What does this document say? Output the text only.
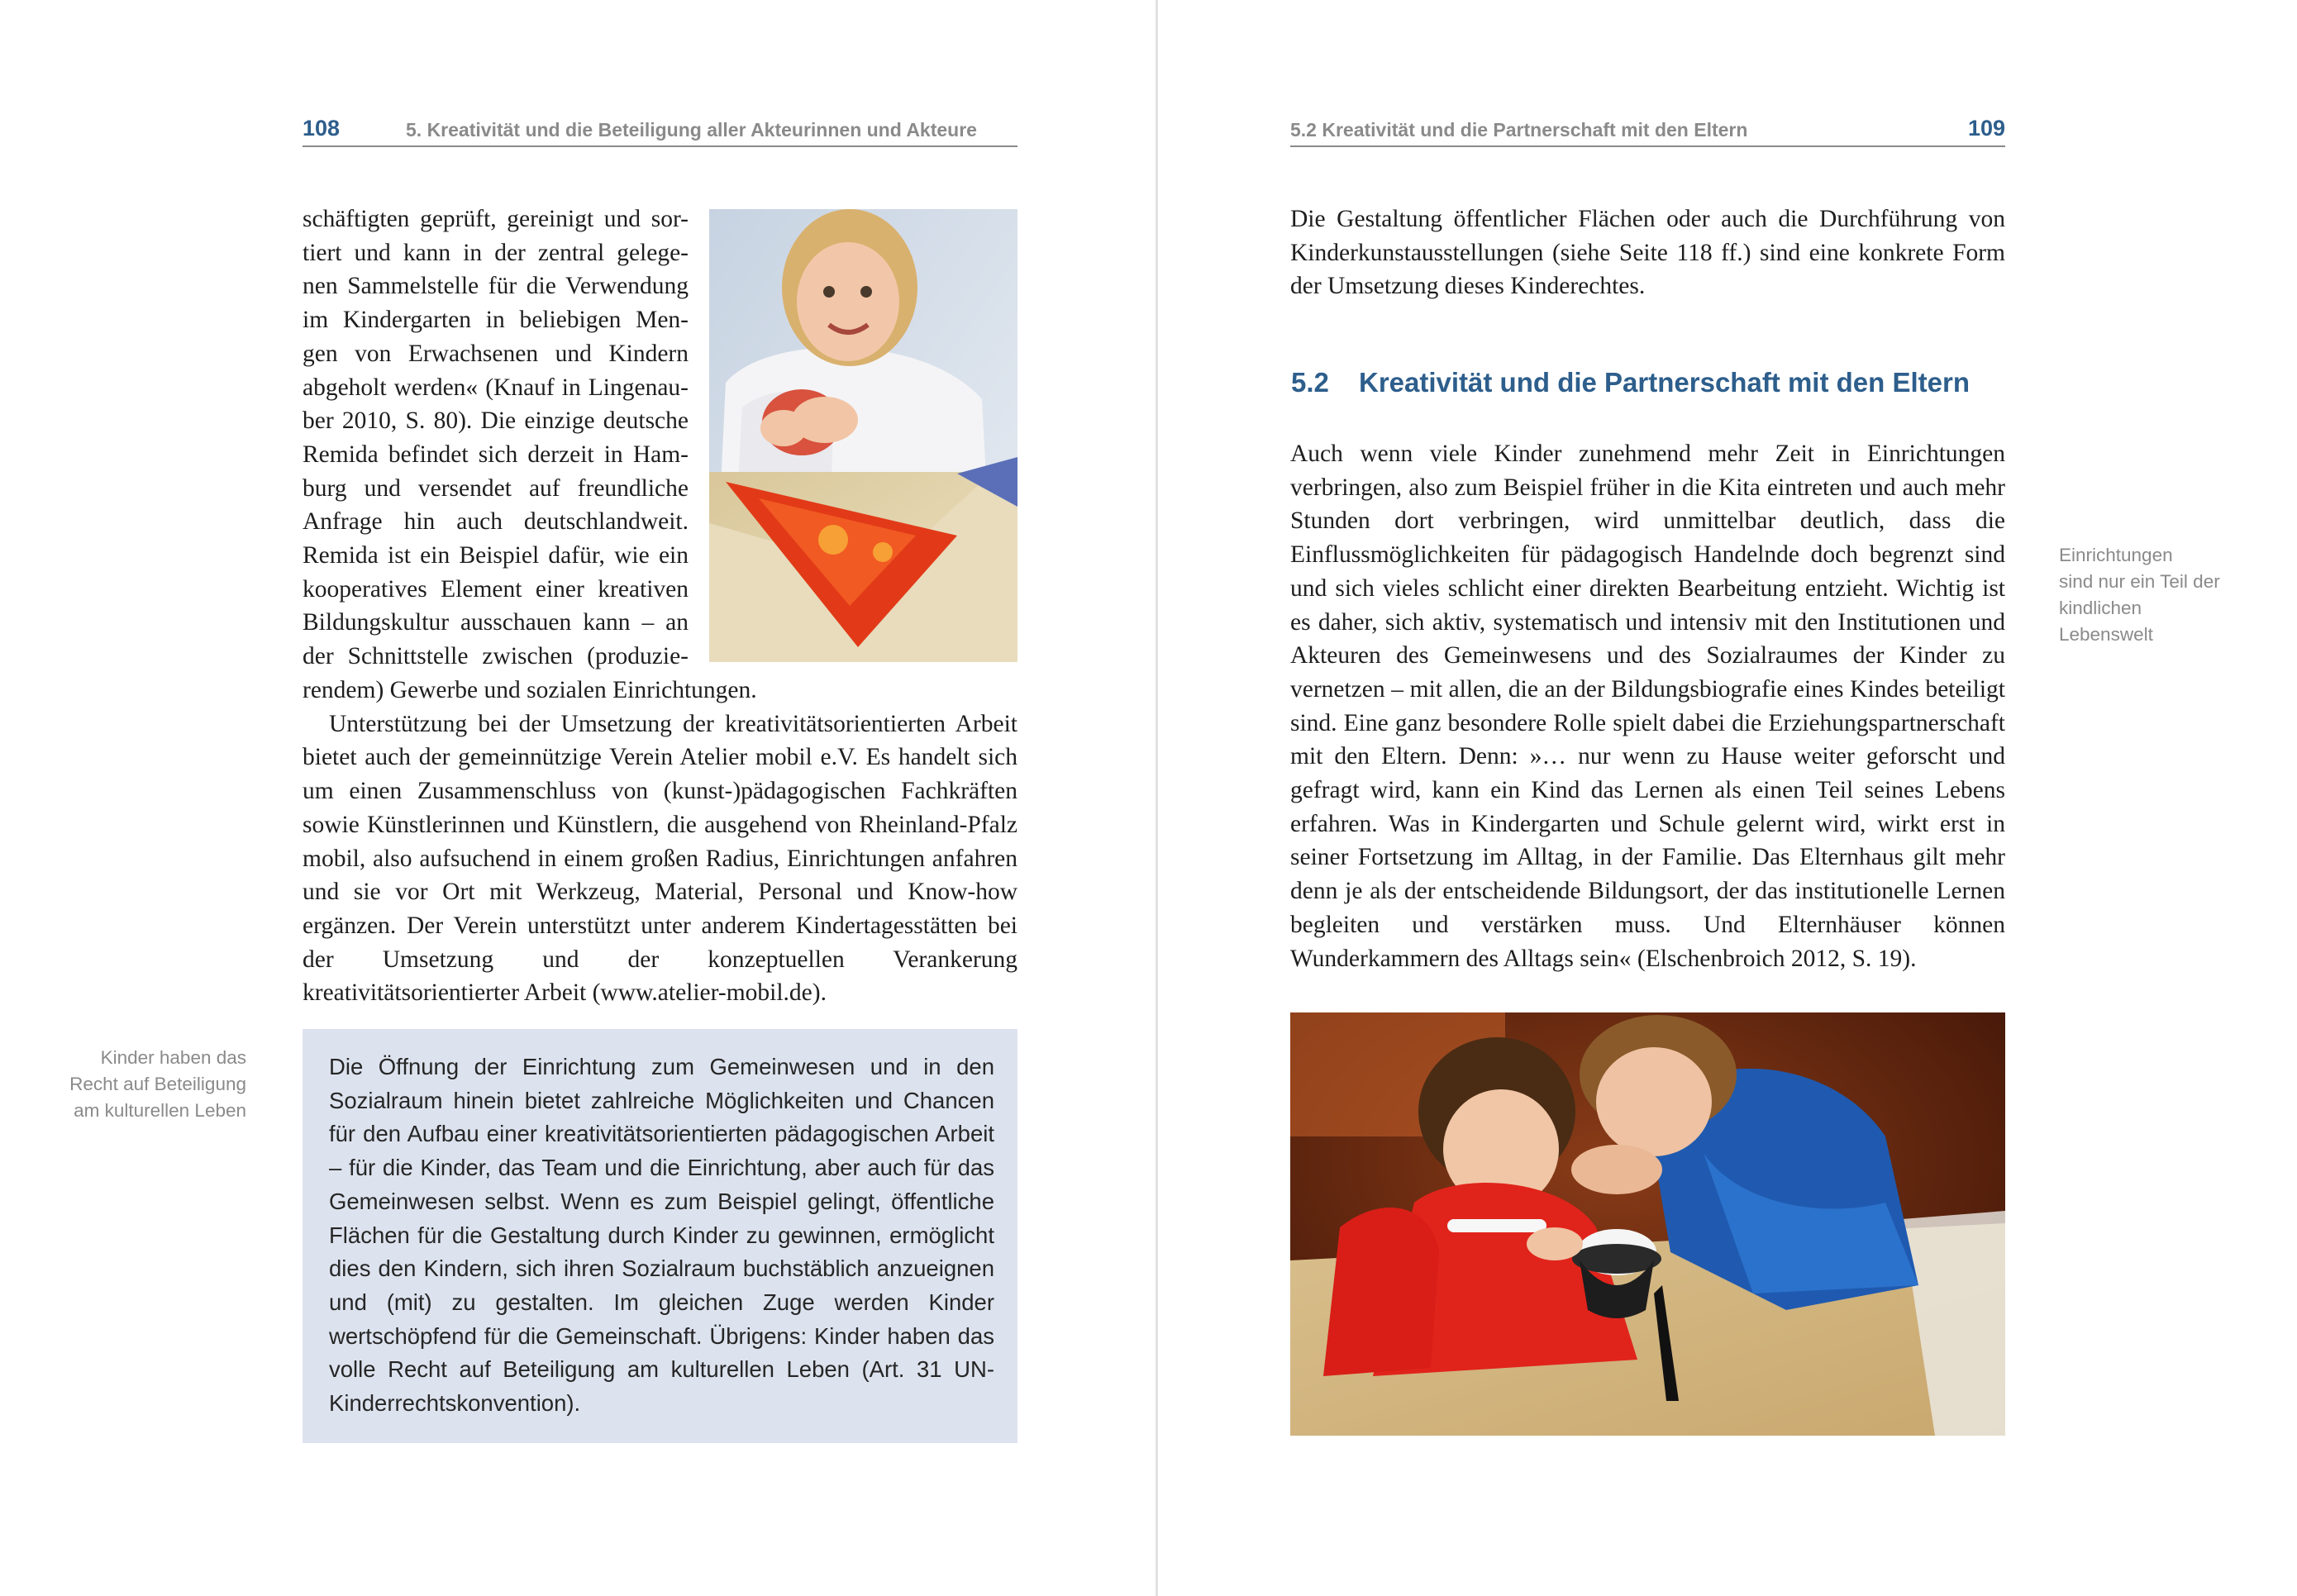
108	5. Kreativität und die Beteiligung aller Akteurinnen und Akteure
schäftigten geprüft, gereinigt und sor-
tiert und kann in der zentral gelege-
nen Sammelstelle für die Verwendung
im Kindergarten in beliebigen Men-
gen von Erwachsenen und Kindern
abgeholt werden« (Knauf in Lingenau-
ber 2010, S. 80). Die einzige deutsche
Remida befindet sich derzeit in Ham-
burg und versendet auf freundliche
Anfrage hin auch deutschlandweit.
Remida ist ein Beispiel dafür, wie ein
kooperatives Element einer kreativen
Bildungskultur ausschauen kann – an
der Schnittstelle zwischen (produzie-

rendem) Gewerbe und sozialen Einrichtungen.

Unterstützung bei der Umsetzung der kreativitätsorientierten Arbeit bietet auch der gemeinnützige Verein Atelier mobil e.V. Es handelt sich um einen Zusammenschluss von (kunst-)pädagogischen Fachkräften sowie Künstlerinnen und Künstlern, die ausgehend von Rheinland-Pfalz mobil, also aufsuchend in einem großen Radius, Einrichtungen anfahren und sie vor Ort mit Werkzeug, Material, Personal und Know-how ergänzen. Der Verein unterstützt unter anderem Kindertagesstätten bei der Umsetzung und der konzeptuellen Verankerung kreativitätsorientierter Arbeit (www.atelier-mobil.de).

Kinder haben das
Recht auf Beteiligung
am kulturellen Leben

Die Öffnung der Einrichtung zum Gemeinwesen und in den Sozialraum hinein bietet zahlreiche Möglichkeiten und Chancen für den Aufbau einer kreativitätsorientierten pädagogischen Arbeit – für die Kinder, das Team und die Einrichtung, aber auch für das Gemeinwesen selbst. Wenn es zum Beispiel gelingt, öffentliche Flächen für die Gestaltung durch Kinder zu gewinnen, ermöglicht dies den Kindern, sich ihren Sozialraum buchstäblich anzueignen und (mit) zu gestalten. Im gleichen Zuge werden Kinder wertschöpfend für die Gemeinschaft. Übrigens: Kinder haben das volle Recht auf Beteiligung am kulturellen Leben (Art. 31 UN-Kinderrechtskonvention).

5.2 Kreativität und die Partnerschaft mit den Eltern	109

Die Gestaltung öffentlicher Flächen oder auch die Durchführung von Kinderkunstausstellungen (siehe Seite 118 ff.) sind eine konkrete Form der Umsetzung dieses Kinderechtes.

5.2 Kreativität und die Partnerschaft mit den Eltern

Auch wenn viele Kinder zunehmend mehr Zeit in Einrichtungen verbringen, also zum Beispiel früher in die Kita eintreten und auch mehr Stunden dort verbringen, wird unmittelbar deutlich, dass die Einflussmöglichkeiten für pädagogisch Handelnde doch begrenzt sind und sich vieles schlicht einer direkten Bearbeitung entzieht. Wichtig ist es daher, sich aktiv, systematisch und intensiv mit den Institutionen und Akteuren des Gemeinwesens und des Sozialraumes der Kinder zu vernetzen – mit allen, die an der Bildungsbiografie eines Kindes beteiligt sind. Eine ganz besondere Rolle spielt dabei die Erziehungspartnerschaft mit den Eltern. Denn: »… nur wenn zu Hause weiter geforscht und gefragt wird, kann ein Kind das Lernen als einen Teil seines Lebens erfahren. Was in Kindergarten und Schule gelernt wird, wirkt erst in seiner Fortsetzung im Alltag, in der Familie. Das Elternhaus gilt mehr denn je als der entscheidende Bildungsort, der das institutionelle Lernen begleiten und verstärken muss. Und Elternhäuser können Wunderkammern des Alltags sein« (Elschenbroich 2012, S. 19).

Einrichtungen
sind nur ein Teil der
kindlichen
Lebenswelt
